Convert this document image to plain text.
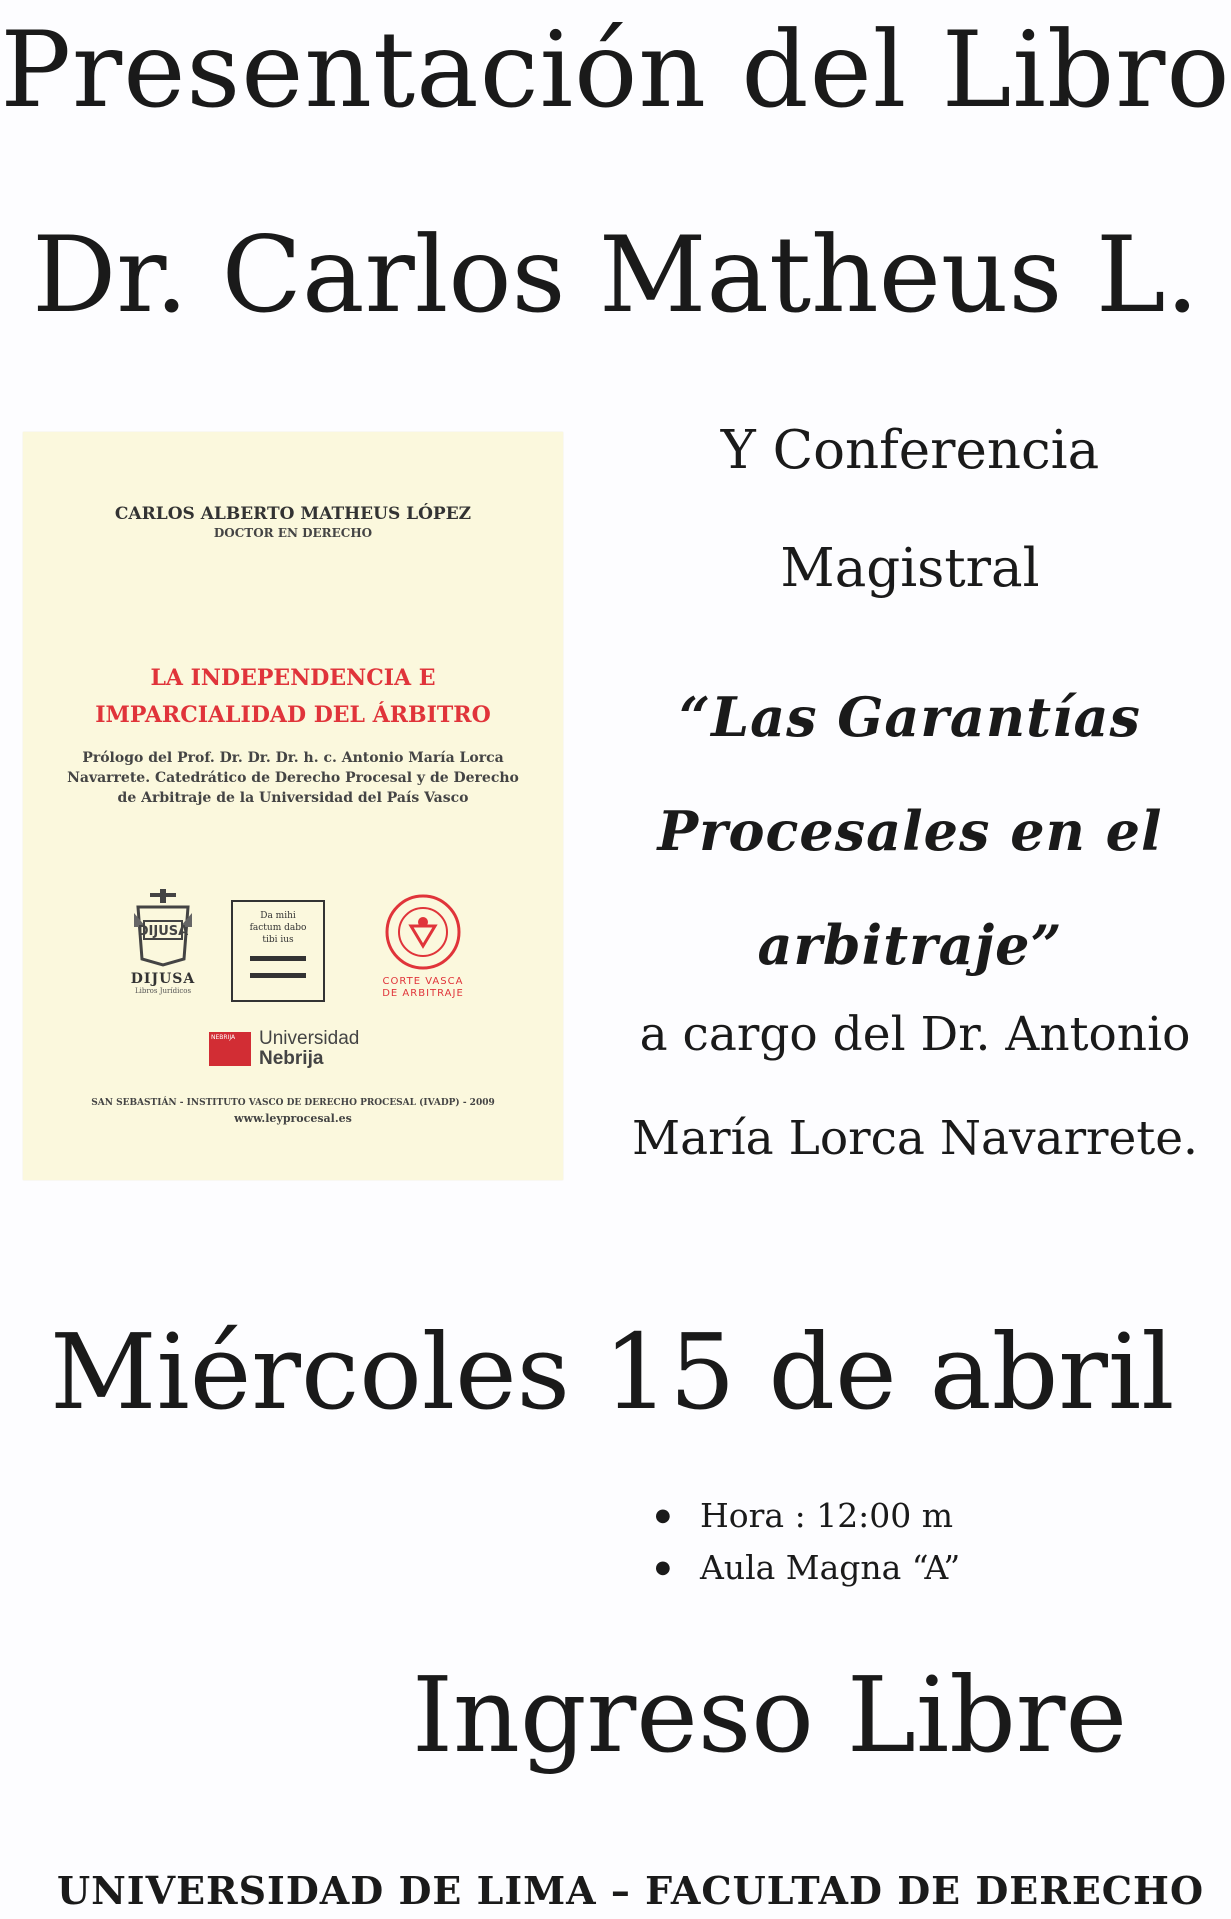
Presentación del Libro
Dr. Carlos Matheus L.
CARLOS ALBERTO MATHEUS LÓPEZ
DOCTOR EN DERECHO
LA INDEPENDENCIA E
IMPARCIALIDAD DEL ÁRBITRO
Prólogo del Prof. Dr. Dr. Dr. h. c. Antonio María Lorca Navarrete. Catedrático de Derecho Procesal y de Derecho de Arbitraje de la Universidad del País Vasco
DIJUSA
DIJUSA
Libros Jurídicos
Da mihi factum dabo tibi ius
CORTE VASCA
DE ARBITRAJE
NEBRIJA Universidad
Nebrija
SAN SEBASTIÁN - INSTITUTO VASCO DE DERECHO PROCESAL (IVADP) - 2009
www.leyprocesal.es
Y Conferencia
Magistral
“Las Garantías
Procesales en el
arbitraje”
a cargo del Dr. Antonio
María Lorca Navarrete.
Miércoles 15 de abril
● Hora : 12:00 m
● Aula Magna “A”
Ingreso Libre
UNIVERSIDAD DE LIMA – FACULTAD DE DERECHO
